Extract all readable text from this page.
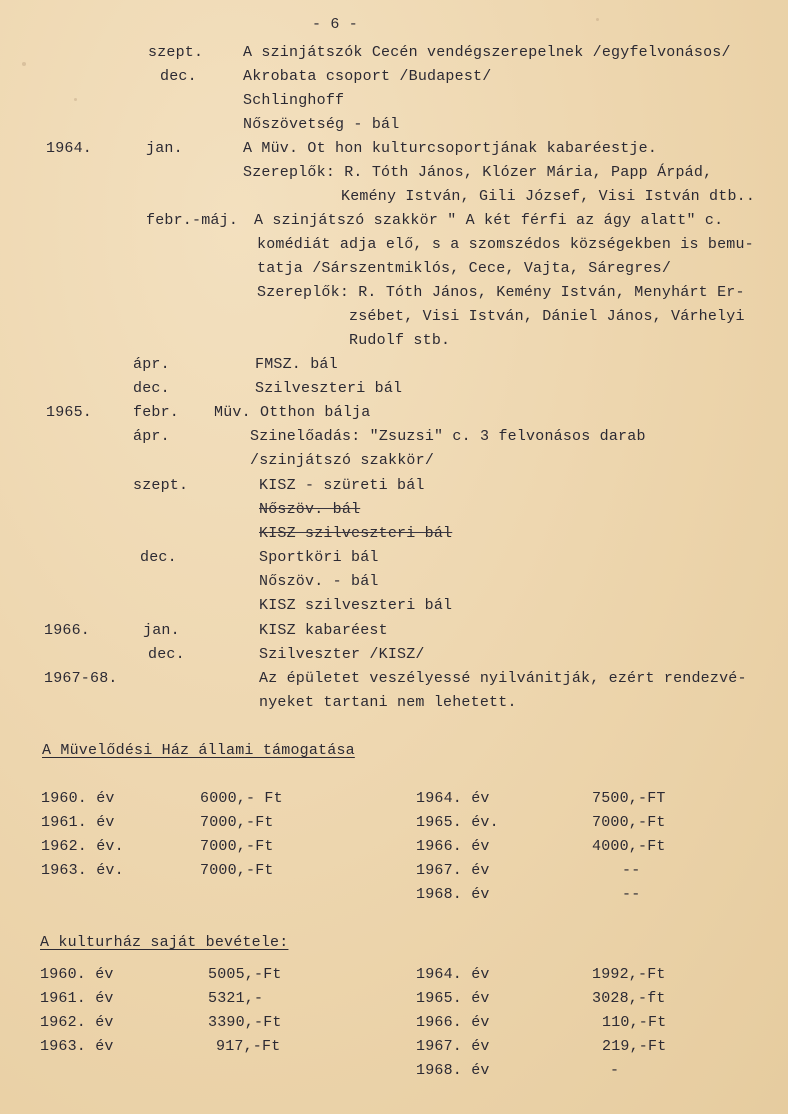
- 6 -
szept.	A szinjátszók Cecén vendégszerepelnek /egyfelvonásos/
dec.	Akrobata csoport /Budapest/
Schlinghoff
Nőszövetség - bál
1964.	jan.	A Müv. Ot hon kulturcsoportjának kabaréestje.
Szereplők: R. Tóth János, Klózer Mária, Papp Árpád,
Kemény István, Gili József, Visi István dtb..
febr.-máj. A szinjátszó szakkör " A két férfi az ágy alatt" c.
komédiát adja elő, s a szomszédos községekben is bemu-
tatja /Sárszentmiklós, Cece, Vajta, Sáregres/
Szereplők: R. Tóth János, Kemény István, Menyhárt Er-
zsébet, Visi István, Dániel János, Várhelyi
Rudolf stb.
ápr.	FMSZ. bál
dec.	Szilveszteri bál
1965.	febr. Müv. Otthon bálja
ápr.	Szinelőadás: "Zsuzsi" c. 3 felvonásos darab
/szinjátszó szakkör/
szept.	KISZ - szüreti bál
Nőszöv. bál
KISZ szilveszteri bál
dec.	Sportköri bál
Nőszöv. - bál
KISZ szilveszteri bál
1966.	jan.	KISZ kabaréest
dec.	Szilveszter /KISZ/
1967-68.	Az épületet veszélyessé nyilvánitják, ezért rendezvé-
nyeket tartani nem lehetett.
A Müvelődési Ház állami támogatása
1960. év	6000,- Ft
1961. év	7000,-Ft
1962. év.	7000,-Ft
1963. év.	7000,-Ft
1964. év	7500,-FT
1965. év.	7000,-Ft
1966. év	4000,-Ft
1967. év	--
1968. év	--
A kulturház saját bevétele:
1960. év	5005,-Ft
1961. év	5321,-
1962. év	3390,-Ft
1963. év	917,-Ft
1964. év	1992,-Ft
1965. év	3028,-ft
1966. év	110,-Ft
1967. év	219,-Ft
1968. év	-
